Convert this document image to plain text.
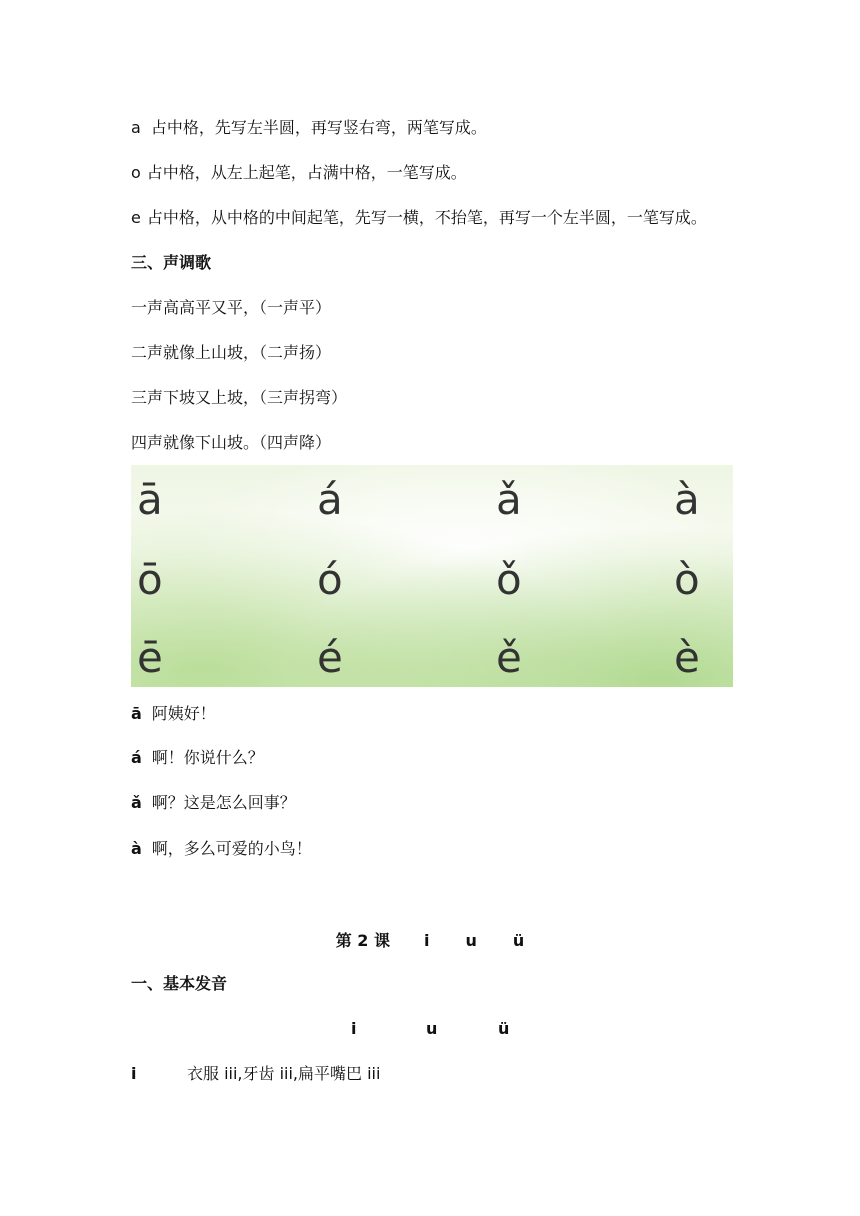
a 占中格，先写左半圆，再写竖右弯，两笔写成。
o 占中格，从左上起笔，占满中格，一笔写成。
e 占中格，从中格的中间起笔，先写一横，不抬笔，再写一个左半圆，一笔写成。
三、声调歌
一声高高平又平，（一声平）
二声就像上山坡，（二声扬）
三声下坡又上坡，（三声拐弯）
四声就像下山坡。（四声降）
ā	á	ǎ	à
ō	ó	ǒ	ò
ē	é	ě	è
ā 阿姨好！
á 啊！你说什么？
ǎ 啊？这是怎么回事？
à 啊，多么可爱的小鸟！
第 2 课 i u ü
一、基本发音
i	u	ü
i	衣服 iii,牙齿 iii,扁平嘴巴 iii
